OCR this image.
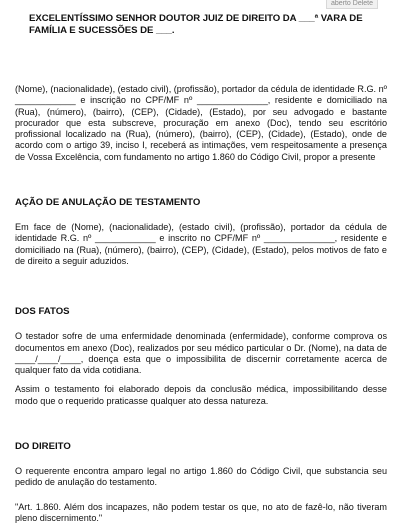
aberto Delete

EXCELENTÍSSIMO SENHOR DOUTOR JUIZ DE DIREITO DA ___ª VARA DE FAMÍLIA E SUCESSÕES DE ___.

(Nome), (nacionalidade), (estado civil), (profissão), portador da cédula de identidade R.G. nº ____________ e inscrição no CPF/MF nº ______________, residente e domiciliado na (Rua), (número), (bairro), (CEP), (Cidade), (Estado), por seu advogado e bastante procurador que esta subscreve, procuração em anexo (Doc), tendo seu escritório profissional localizado na (Rua), (número), (bairro), (CEP), (Cidade), (Estado), onde de acordo com o artigo 39, inciso I, receberá as intimações, vem respeitosamente a presença de Vossa Excelência, com fundamento no artigo 1.860 do Código Civil, propor a presente

AÇÃO DE ANULAÇÃO DE TESTAMENTO

Em face de (Nome), (nacionalidade), (estado civil), (profissão), portador da cédula de identidade R.G. nº ____________ e inscrito no CPF/MF nº ______________, residente e domiciliado na (Rua), (número), (bairro), (CEP), (Cidade), (Estado), pelos motivos de fato e de direito a seguir aduzidos.

DOS FATOS

O testador sofre de uma enfermidade denominada (enfermidade), conforme comprova os documentos em anexo (Doc), realizados por seu médico particular o Dr. (Nome), na data de ____/____/____, doença esta que o impossibilita de discernir corretamente acerca de qualquer fato da vida cotidiana.

Assim o testamento foi elaborado depois da conclusão médica, impossibilitando desse modo que o requerido praticasse qualquer ato dessa natureza.

DO DIREITO

O requerente encontra amparo legal no artigo 1.860 do Código Civil, que substancia seu pedido de anulação do testamento.

"Art. 1.860. Além dos incapazes, não podem testar os que, no ato de fazê-lo, não tiveram pleno discernimento."
